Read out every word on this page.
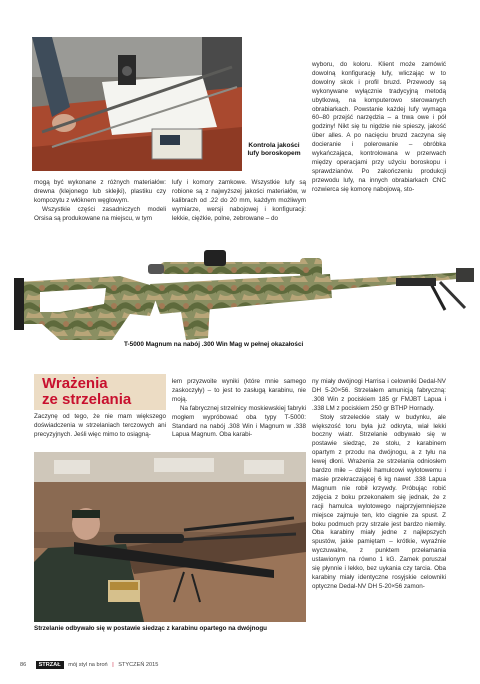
Kontrola jakości lufy boroskopem

mogą być wykonane z różnych materiałów: drewna (klejonego lub sklejki), plastiku czy kompozytu z włóknem węglowym.

Wszystkie części zasadniczych modeli Orsisa są produkowane na miejscu, w tym

lufy i komory zamkowe. Wszystkie lufy są robione są z najwyższej jakości materiałów, w kalibrach od .22 do 20 mm, każdym możliwym wymiarze, wersji nabojowej i konfiguracji: lekkie, ciężkie, polne, zebrowane – do

wyboru, do koloru. Klient może zamówić dowolną konfigurację lufy, wliczając w to dowolny skok i profil bruzd. Przewody są wykonywane wyłącznie tradycyjną metodą ubytkową, na komputerowo sterowanych obrabiarkach. Powstanie każdej lufy wymaga 60–80 przejść narzędzia – a trwa owe i pół godziny! Nikt się tu nigdzie nie spieszy, jakość über alles. A po nacięciu bruzd zaczyna się docieranie i polerowanie – obróbka wykańczająca, kontrolowana w przerwach między operacjami przy użyciu boroskopu i sprawdzianów. Po zakończeniu produkcji przewodu lufy, na innych obrabiarkach CNC rozwierca się komorę nabojową, sto-

T-5000 Magnum na nabój .300 Win Mag w pełnej okazałości
Wrażenia
ze strzelania

Zaczynę od tego, że nie mam większego doświadczenia w strzelaniach terczowych ani precyzyjnych. Jeśli więc mimo to osiągną-

łem przyzwoite wyniki (które mnie samego zaskoczyły) – to jest to zasługą karabinu, nie moją.

Na fabrycznej strzelnicy moskiewskiej fabryki mogłem wypróbować oba typy T-5000: Standard na nabój .308 Win i Magnum w .338 Lapua Magnum. Oba karabi-

ny miały dwójnogi Harrisa i celowniki Dedal-NV DH 5-20×56. Strzelałem amunicją fabryczną: .308 Win z pociskiem 185 gr FMJBT Lapua i .338 LM z pociskiem 250 gr BTHP Hornady.

Stoły strzeleckie stały w budynku, ale większość toru była już odkryta, wiał lekki boczny wiatr. Strzelanie odbywało się w postawie siedząc, ze stołu, z karabinem opartym z przodu na dwójnogu, a z tyłu na lewej dłoni. Wrażenia ze strzelania odniosłem bardzo miłe – dzięki hamulcowi wylotowemu i masie przekraczającej 6 kg nawet .338 Lapua Magnum nie robił krzywdy. Próbując robić zdjęcia z boku przekonałem się jednak, że z racji hamulca wylotowego najprzyjemniejsze miejsce zajmuje ten, kto ciągnie za spust. Z boku podmuch przy strzale jest bardzo niemiły. Oba karabiny miały jedne z najlepszych spustów, jakie pamiętam – krótkie, wyraźnie wyczuwalne, z punktem przełamania ustawionym na równo 1 kG. Zamek poruszał się płynnie i lekko, bez uykania czy tarcia. Oba karabiny miały identyczne rosyjskie celowniki optyczne Dedal-NV DH 5-20×56 zamon-

Strzelanie odbywało się w postawie siedząc z karabinu opartego na dwójnogu
86 STRZAŁ mój styl na broń | STYCZEŃ 2015
